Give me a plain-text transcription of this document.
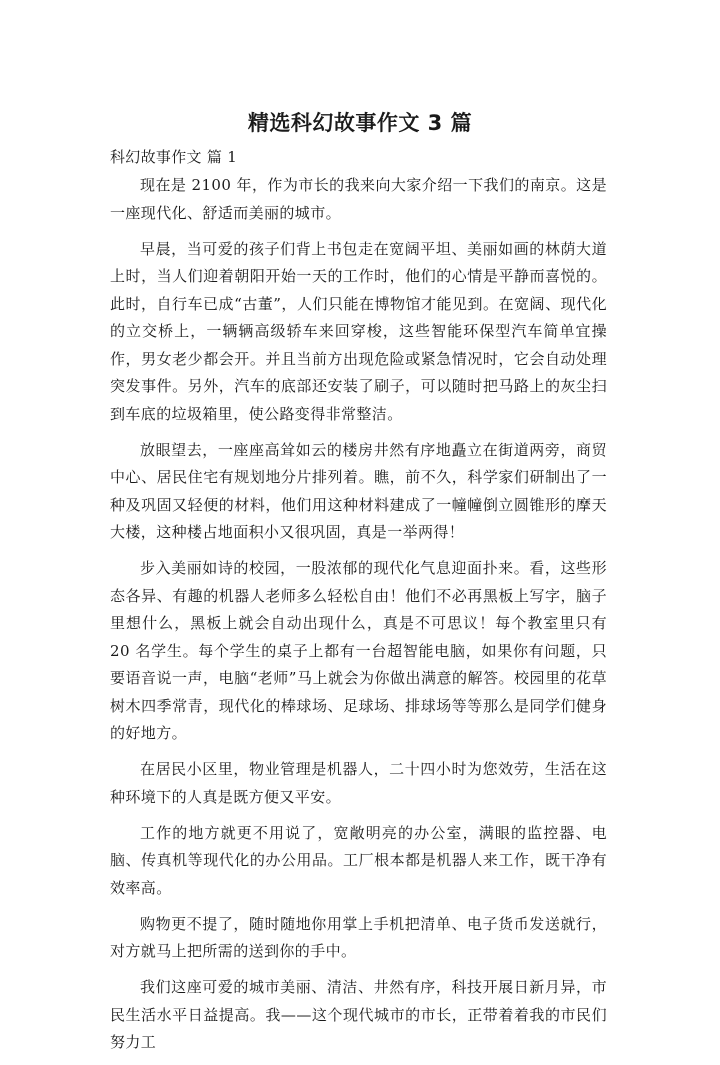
精选科幻故事作文 3 篇
科幻故事作文 篇 1

现在是 2100 年，作为市长的我来向大家介绍一下我们的南京。这是一座现代化、舒适而美丽的城市。

早晨，当可爱的孩子们背上书包走在宽阔平坦、美丽如画的林荫大道上时，当人们迎着朝阳开始一天的工作时，他们的心情是平静而喜悦的。此时，自行车已成“古董”，人们只能在博物馆才能见到。在宽阔、现代化的立交桥上，一辆辆高级轿车来回穿梭，这些智能环保型汽车简单宜操作，男女老少都会开。并且当前方出现危险或紧急情况时，它会自动处理突发事件。另外，汽车的底部还安装了刷子，可以随时把马路上的灰尘扫到车底的垃圾箱里，使公路变得非常整洁。

放眼望去，一座座高耸如云的楼房井然有序地矗立在街道两旁，商贸中心、居民住宅有规划地分片排列着。瞧，前不久，科学家们研制出了一种及巩固又轻便的材料，他们用这种材料建成了一幢幢倒立圆锥形的摩天大楼，这种楼占地面积小又很巩固，真是一举两得！

步入美丽如诗的校园，一股浓郁的现代化气息迎面扑来。看，这些形态各异、有趣的机器人老师多么轻松自由！他们不必再黑板上写字，脑子里想什么，黑板上就会自动出现什么，真是不可思议！每个教室里只有 20 名学生。每个学生的桌子上都有一台超智能电脑，如果你有问题，只要语音说一声，电脑“老师”马上就会为你做出满意的解答。校园里的花草树木四季常青，现代化的棒球场、足球场、排球场等等那么是同学们健身的好地方。

在居民小区里，物业管理是机器人，二十四小时为您效劳，生活在这种环境下的人真是既方便又平安。

工作的地方就更不用说了，宽敞明亮的办公室，满眼的监控器、电脑、传真机等现代化的办公用品。工厂根本都是机器人来工作，既干净有效率高。

购物更不提了，随时随地你用掌上手机把清单、电子货币发送就行，对方就马上把所需的送到你的手中。

我们这座可爱的城市美丽、清洁、井然有序，科技开展日新月异，市民生活水平日益提高。我——这个现代城市的市长，正带着着我的市民们努力工
